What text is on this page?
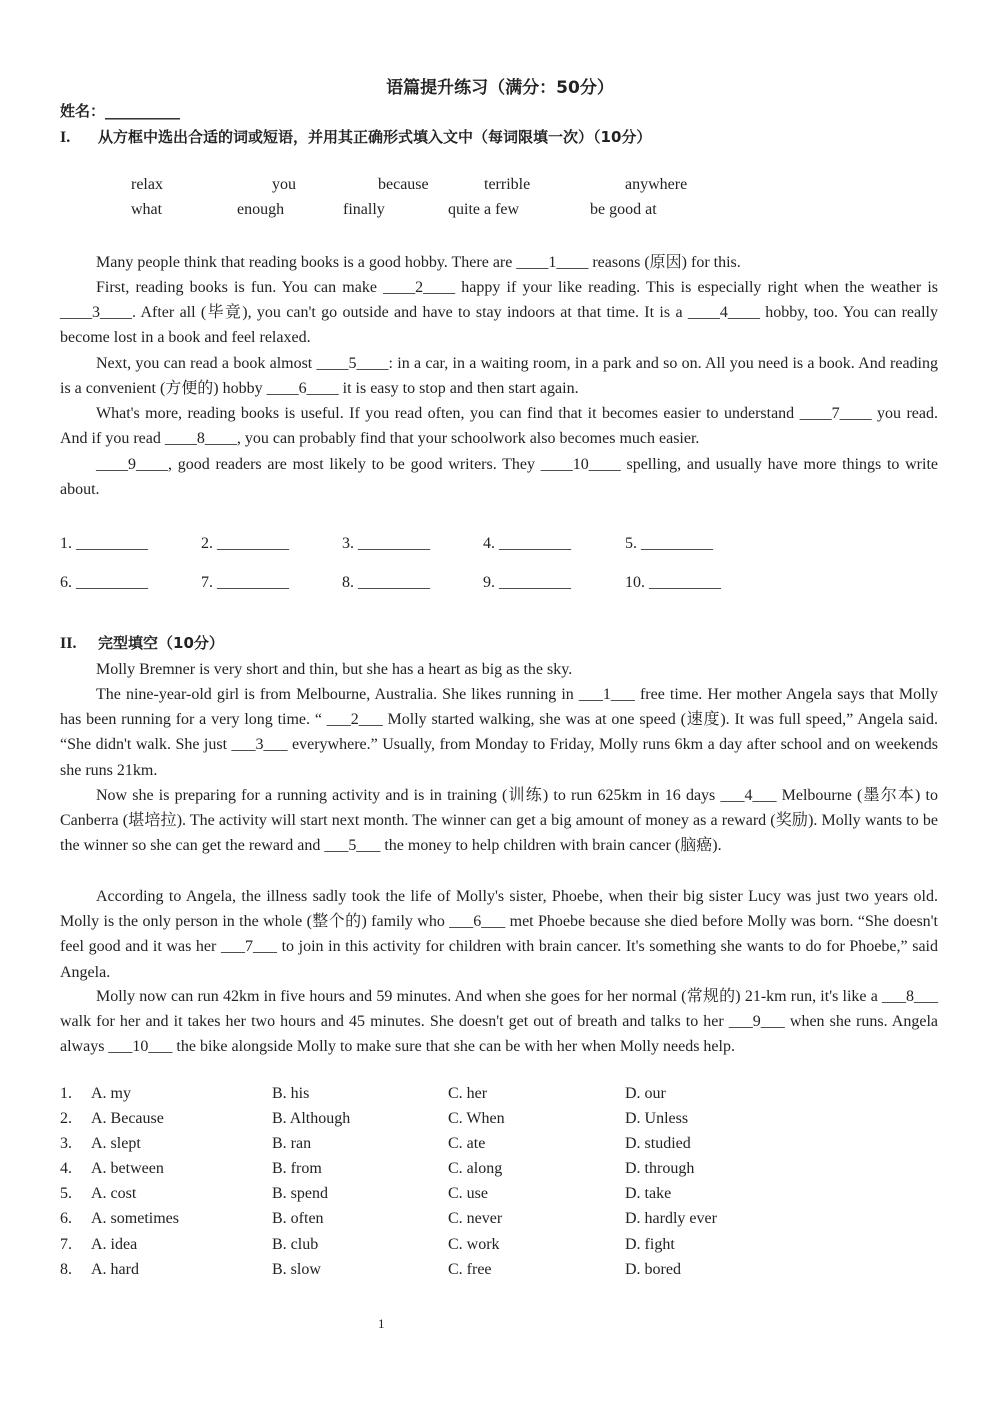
语篇提升练习（满分：50分）
姓名：__________
I. 从方框中选出合适的词或短语，并用其正确形式填入文中（每词限填一次）（10分）
relax	you	because	terrible	anywhere
what	enough	finally	quite a few	be good at

Many people think that reading books is a good hobby. There are ____1____ reasons (原因) for this.

First, reading books is fun. You can make ____2____ happy if your like reading. This is especially right when the weather is ____3____. After all (毕竟), you can't go outside and have to stay indoors at that time. It is a ____4____ hobby, too. You can really become lost in a book and feel relaxed.

Next, you can read a book almost ____5____: in a car, in a waiting room, in a park and so on. All you need is a book. And reading is a convenient (方便的) hobby ____6____ it is easy to stop and then start again.

What's more, reading books is useful. If you read often, you can find that it becomes easier to understand ____7____ you read. And if you read ____8____, you can probably find that your schoolwork also becomes much easier.

____9____, good readers are most likely to be good writers. They ____10____ spelling, and usually have more things to write about.

1. _________	2. _________	3. _________	4. _________	5. _________
6. _________	7. _________	8. _________	9. _________	10. _________
II. 完型填空（10分）

Molly Bremner is very short and thin, but she has a heart as big as the sky.

The nine-year-old girl is from Melbourne, Australia. She likes running in ___1___ free time. Her mother Angela says that Molly has been running for a very long time. “ ___2___ Molly started walking, she was at one speed (速度). It was full speed,” Angela said. “She didn't walk. She just ___3___ everywhere.” Usually, from Monday to Friday, Molly runs 6km a day after school and on weekends she runs 21km.

Now she is preparing for a running activity and is in training (训练) to run 625km in 16 days ___4___ Melbourne (墨尔本) to Canberra (堪培拉). The activity will start next month. The winner can get a big amount of money as a reward (奖励). Molly wants to be the winner so she can get the reward and ___5___ the money to help children with brain cancer (脑癌).

According to Angela, the illness sadly took the life of Molly's sister, Phoebe, when their big sister Lucy was just two years old. Molly is the only person in the whole (整个的) family who ___6___ met Phoebe because she died before Molly was born. “She doesn't feel good and it was her ___7___ to join in this activity for children with brain cancer. It's something she wants to do for Phoebe,” said Angela.

Molly now can run 42km in five hours and 59 minutes. And when she goes for her normal (常规的) 21-km run, it's like a ___8___ walk for her and it takes her two hours and 45 minutes. She doesn't get out of breath and talks to her ___9___ when she runs. Angela always ___10___ the bike alongside Molly to make sure that she can be with her when Molly needs help.

1. A. my	B. his	C. her	D. our
2. A. Because	B. Although	C. When	D. Unless
3. A. slept	B. ran	C. ate	D. studied
4. A. between	B. from	C. along	D. through
5. A. cost	B. spend	C. use	D. take
6. A. sometimes	B. often	C. never	D. hardly ever
7. A. idea	B. club	C. work	D. fight
8. A. hard	B. slow	C. free	D. bored
1
